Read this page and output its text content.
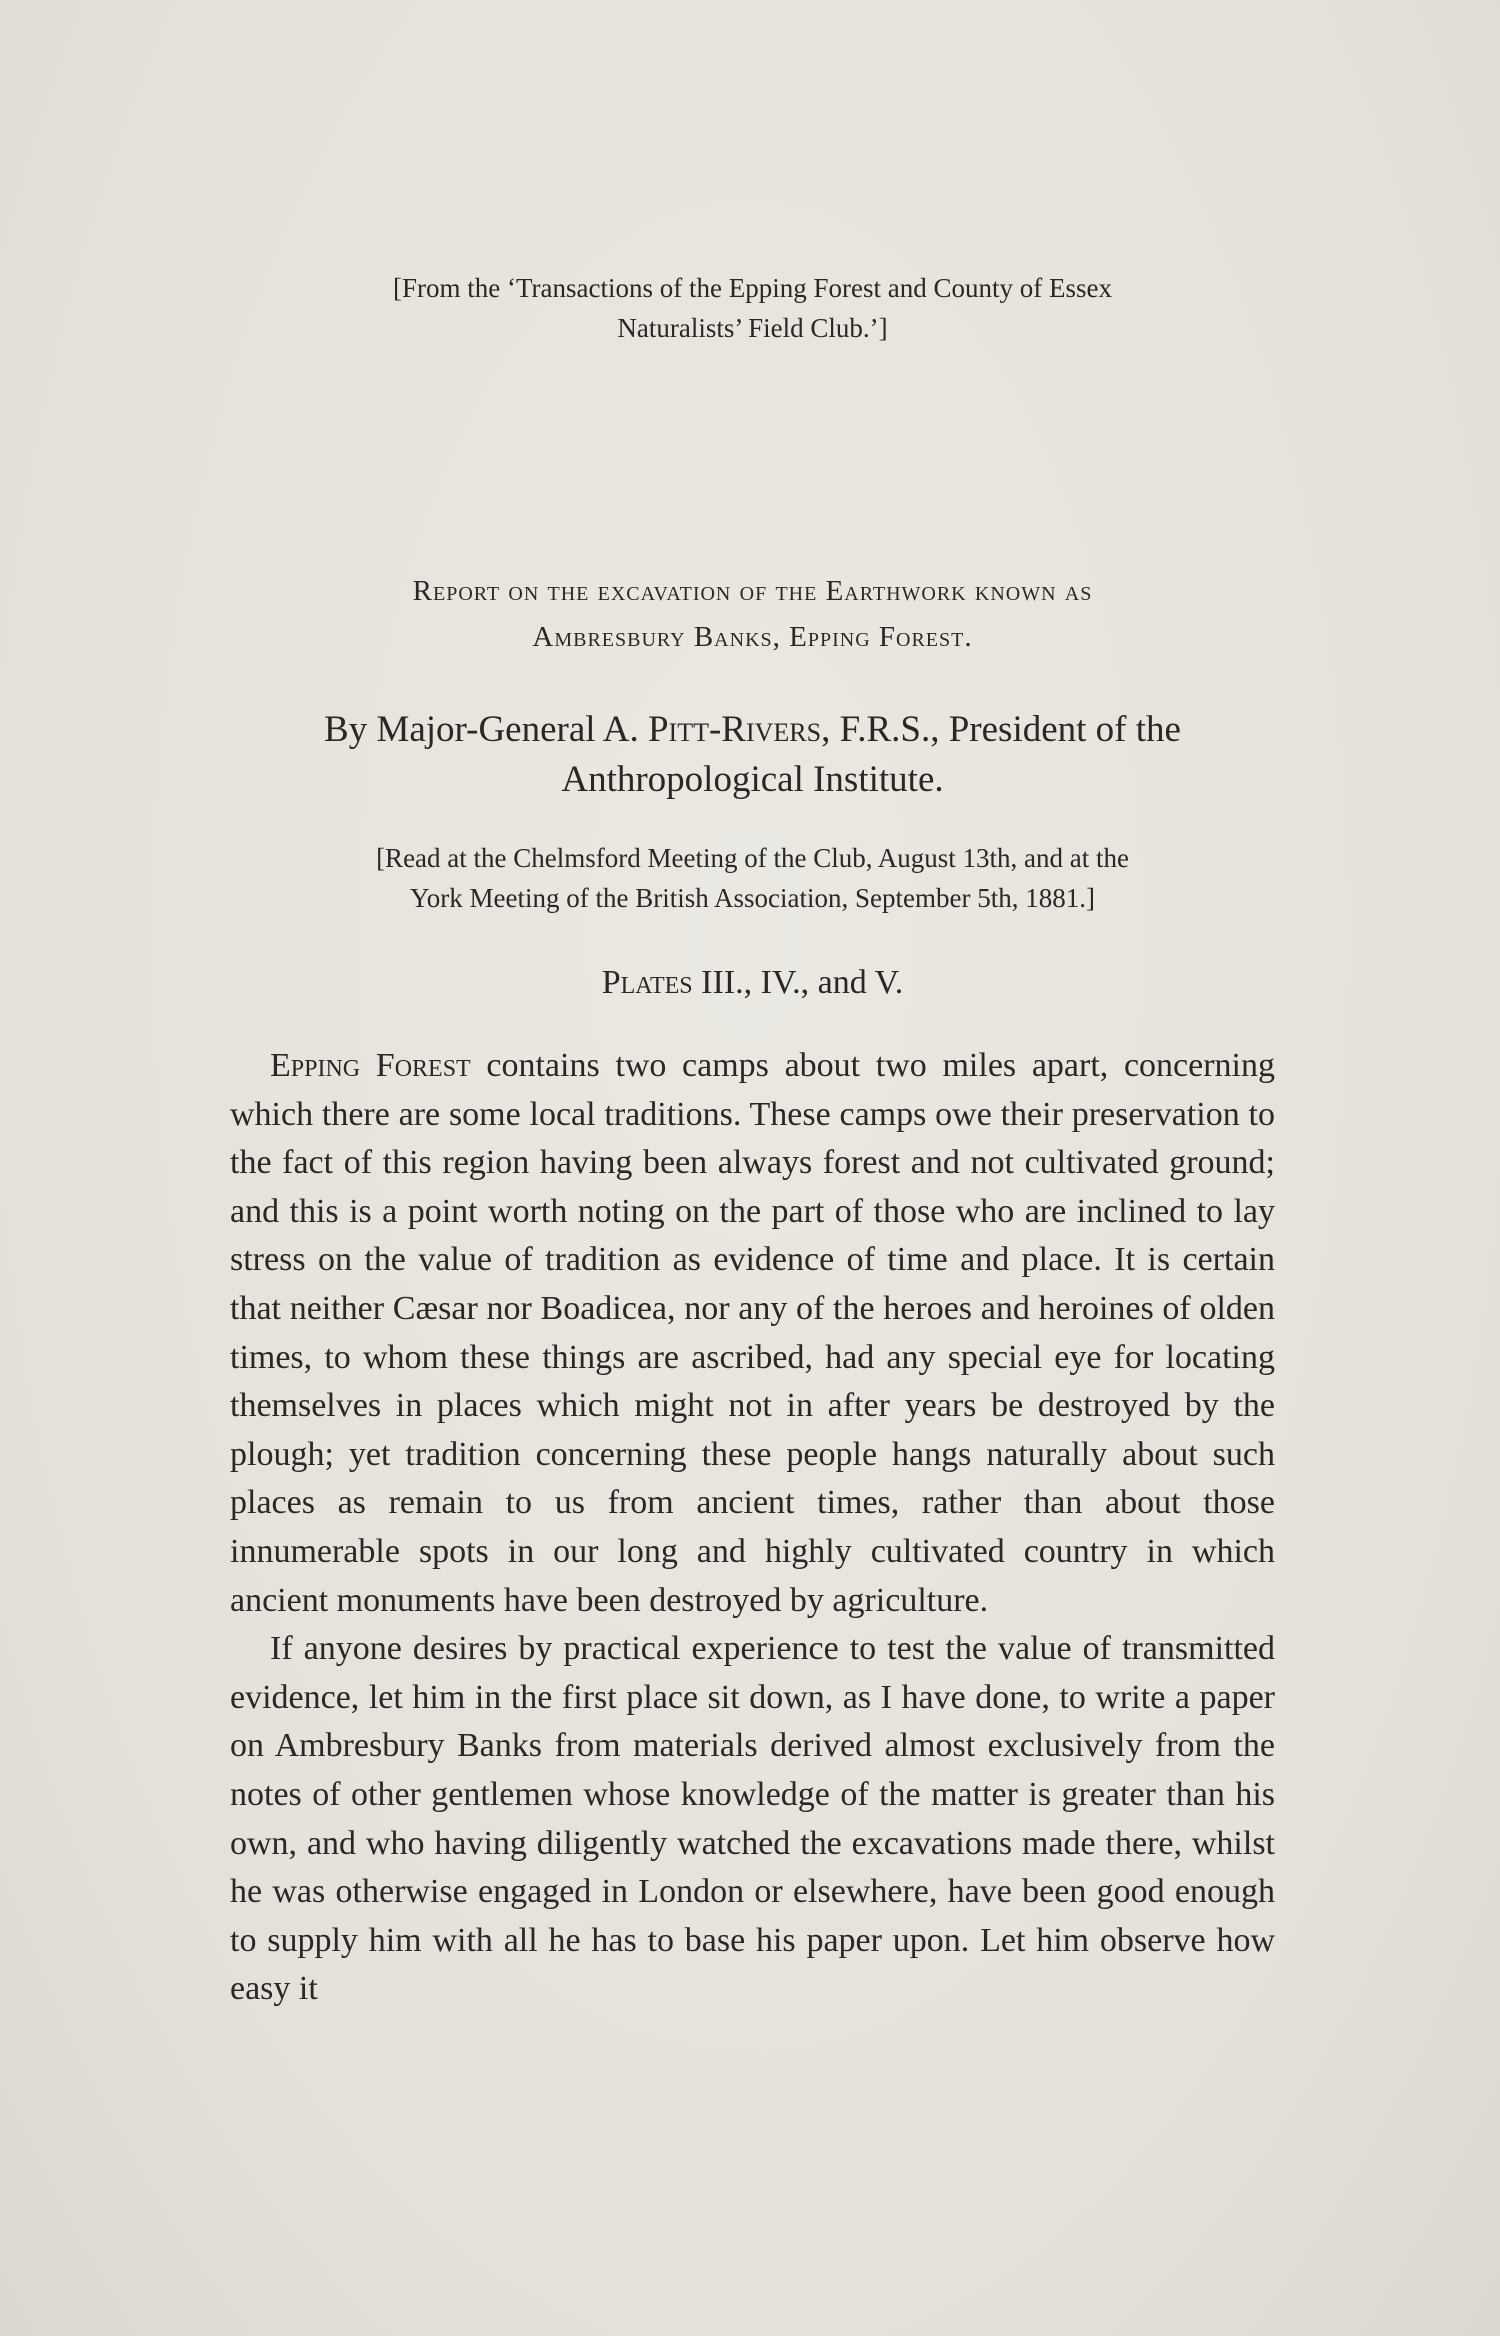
[From the ‘Transactions of the Epping Forest and County of Essex
Naturalists’ Field Club.’]
Report on the excavation of the Earthwork known as
Ambresbury Banks, Epping Forest.
By Major-General A. Pitt-Rivers, F.R.S., President of the
Anthropological Institute.
[Read at the Chelmsford Meeting of the Club, August 13th, and at the
York Meeting of the British Association, September 5th, 1881.]
Plates III., IV., and V.

Epping Forest contains two camps about two miles apart, concerning which there are some local traditions. These camps owe their preservation to the fact of this region having been always forest and not cultivated ground; and this is a point worth noting on the part of those who are inclined to lay stress on the value of tradition as evidence of time and place. It is certain that neither Cæsar nor Boadicea, nor any of the heroes and heroines of olden times, to whom these things are ascribed, had any special eye for locating themselves in places which might not in after years be destroyed by the plough; yet tradition concerning these people hangs naturally about such places as remain to us from ancient times, rather than about those innumerable spots in our long and highly cultivated country in which ancient monuments have been destroyed by agriculture.

If anyone desires by practical experience to test the value of transmitted evidence, let him in the first place sit down, as I have done, to write a paper on Ambresbury Banks from materials derived almost exclusively from the notes of other gentlemen whose knowledge of the matter is greater than his own, and who having diligently watched the excavations made there, whilst he was otherwise engaged in London or elsewhere, have been good enough to supply him with all he has to base his paper upon. Let him observe how easy it
